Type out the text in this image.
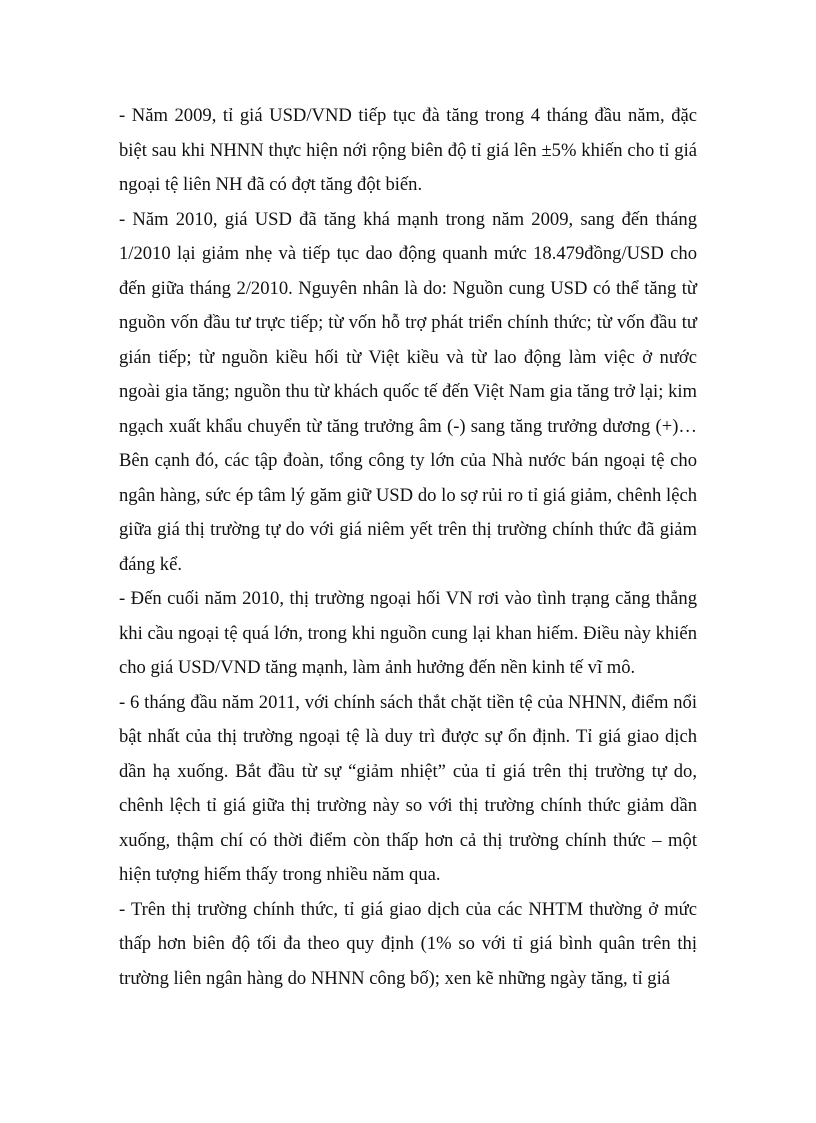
- Năm 2009, tỉ giá USD/VND tiếp tục đà tăng trong 4 tháng đầu năm, đặc biệt sau khi NHNN thực hiện nới rộng biên độ tỉ giá lên ±5% khiến cho tỉ giá ngoại tệ liên NH đã có đợt tăng đột biến.

- Năm 2010, giá USD đã tăng khá mạnh trong năm 2009, sang đến tháng 1/2010 lại giảm nhẹ và tiếp tục dao động quanh mức 18.479đồng/USD cho đến giữa tháng 2/2010. Nguyên nhân là do: Nguồn cung USD có thể tăng từ nguồn vốn đầu tư trực tiếp; từ vốn hỗ trợ phát triển chính thức; từ vốn đầu tư gián tiếp; từ nguồn kiều hối từ Việt kiều và từ lao động làm việc ở nước ngoài gia tăng; nguồn thu từ khách quốc tế đến Việt Nam gia tăng trở lại; kim ngạch xuất khẩu chuyển từ tăng trưởng âm (-) sang tăng trưởng dương (+)… Bên cạnh đó, các tập đoàn, tổng công ty lớn của Nhà nước bán ngoại tệ cho ngân hàng, sức ép tâm lý găm giữ USD do lo sợ rủi ro tỉ giá giảm, chênh lệch giữa giá thị trường tự do với giá niêm yết trên thị trường chính thức đã giảm đáng kể.

- Đến cuối năm 2010, thị trường ngoại hối VN rơi vào tình trạng căng thẳng khi cầu ngoại tệ quá lớn, trong khi nguồn cung lại khan hiếm. Điều này khiến cho giá USD/VND tăng mạnh, làm ảnh hưởng đến nền kinh tế vĩ mô.

- 6 tháng đầu năm 2011, với chính sách thắt chặt tiền tệ của NHNN, điểm nổi bật nhất của thị trường ngoại tệ là duy trì được sự ổn định. Tỉ giá giao dịch dần hạ xuống. Bắt đầu từ sự “giảm nhiệt” của tỉ giá trên thị trường tự do, chênh lệch tỉ giá giữa thị trường này so với thị trường chính thức giảm dần xuống, thậm chí có thời điểm còn thấp hơn cả thị trường chính thức – một hiện tượng hiếm thấy trong nhiều năm qua.

- Trên thị trường chính thức, tỉ giá giao dịch của các NHTM thường ở mức thấp hơn biên độ tối đa theo quy định (1% so với tỉ giá bình quân trên thị trường liên ngân hàng do NHNN công bố); xen kẽ những ngày tăng, tỉ giá
